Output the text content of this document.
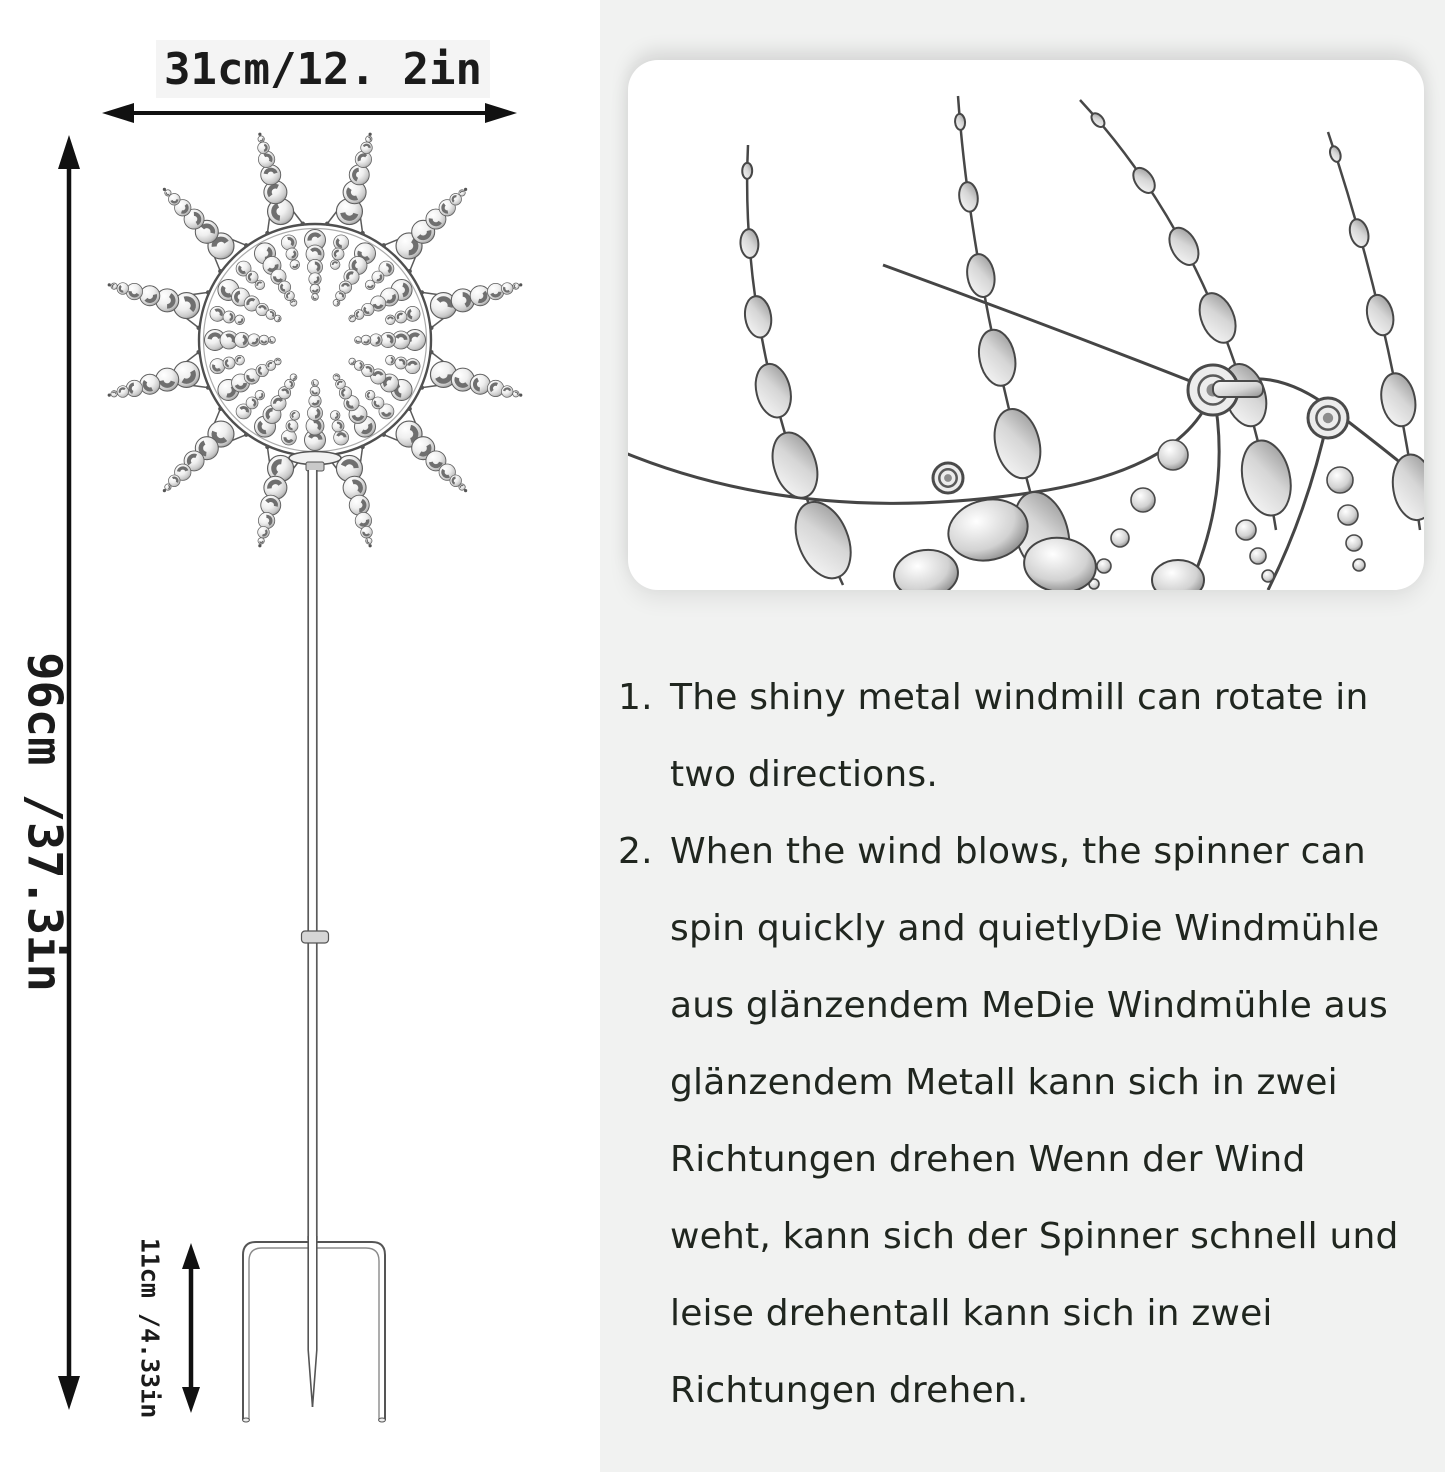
31cm/12. 2in
96cm /37.3in
11cm /4.33in
1. The shiny metal windmill can rotate in two directions.
2. When the wind blows, the spinner can spin quickly and quietlyDie Windmühle aus glänzendem MeDie Windmühle aus glänzendem Metall kann sich in zwei Richtungen drehen Wenn der Wind weht, kann sich der Spinner schnell und leise drehentall kann sich in zwei Richtungen drehen.
